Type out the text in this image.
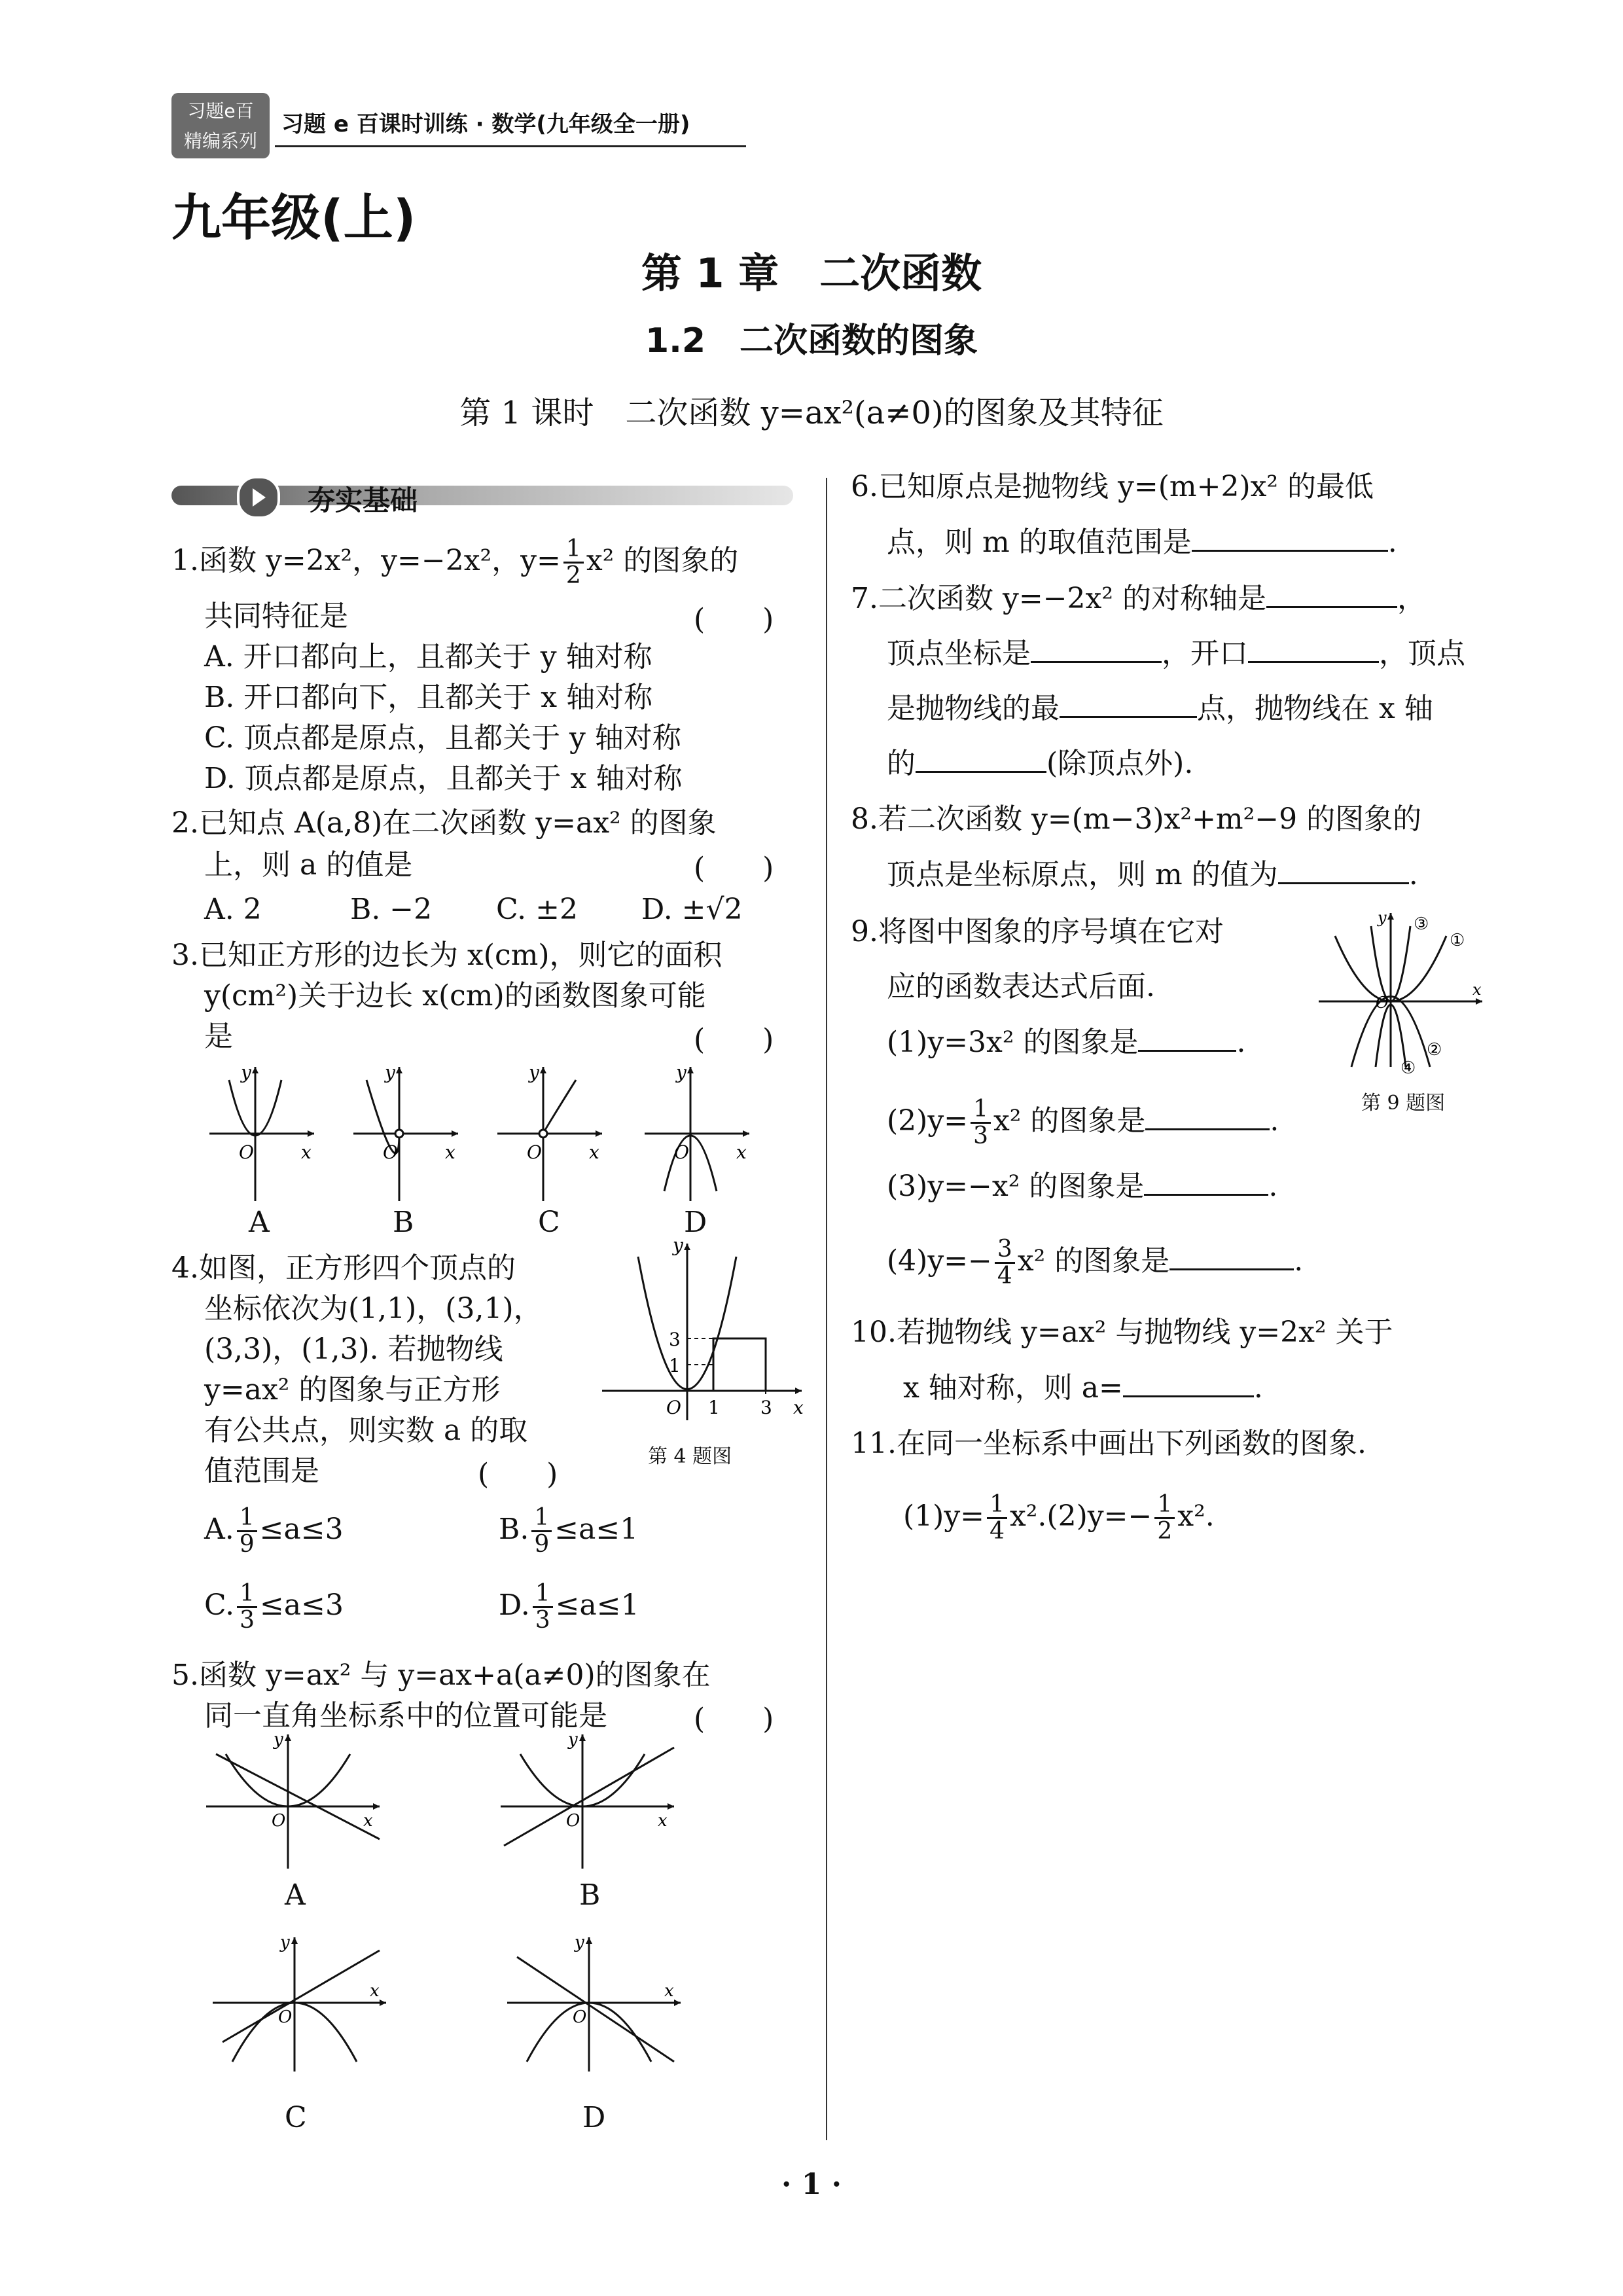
习题e百
精编系列
习题 e 百课时训练 · 数学(九年级全一册)
九年级(上)
第 1 章　二次函数
1.2　二次函数的图象
第 1 课时　二次函数 y=ax²(a≠0)的图象及其特征
夯实基础
1.函数 y=2x²，y=−2x²，$y= \frac{1}{2} x^2$ 的图象的
共同特征是	(　　)
A. 开口都向上，且都关于 y 轴对称
B. 开口都向下，且都关于 x 轴对称
C. 顶点都是原点，且都关于 y 轴对称
D. 顶点都是原点，且都关于 x 轴对称
2.已知点 A(a,8)在二次函数 y=ax² 的图象
上，则 a 的值是	(　　)
A. 2	B. −2 C. ±2 D. ±√2
3.已知正方形的边长为 x(cm)，则它的面积
y(cm²)关于边长 x(cm)的函数图象可能
是	(　　)
O	x
y
O	x
y
O	x
y
O	x
y
A	B	C	D
4.如图，正方形四个顶点的
坐标依次为(1,1)，(3,1)，
(3,3)，(1,3). 若抛物线
y=ax² 的图象与正方形
有公共点，则实数 a 的取
值范围是	(　　)
O 1 3
1
3
x
y
第 4 题图
A. $\frac{1}{9} \le a\le 3$	B. $\frac{1}{9} \le a\le 1$
C. $\frac{1}{3} \le a\le 3$	D. $\frac{1}{3} \le a\le 1$
5.函数 y=ax² 与 y=ax+a(a≠0)的图象在
同一直角坐标系中的位置可能是	(　　)
O	x
y
O	x
y
A	B
O
x
y
O
x
y
C	D
6.已知原点是抛物线 y=(m+2)x² 的最低
点，则 m 的取值范围是	.
7.二次函数 y=−2x² 的对称轴是	，
顶点坐标是	，开口	，顶点
是抛物线的最	点，抛物线在 x 轴
的	(除顶点外).
8.若二次函数 y=(m−3)x²+m²−9 的图象的
顶点是坐标原点，则 m 的值为	.
9.将图中图象的序号填在它对
应的函数表达式后面.
(1)y=3x² 的图象是	.
$(2)y= \frac{1}{3} x^2$ 的图象是	.
(3)y=−x² 的图象是	.
$(4)y=- \frac{3}{4} x^2$ 的图象是	.
③
①
④
②
O
x
y
第 9 题图
10.若抛物线 y=ax² 与抛物线 y=2x² 关于
x 轴对称，则 a=	.
11.在同一坐标系中画出下列函数的图象.
$(1)y= \frac{1}{4} x^2.(2)y=- \frac{1}{2} x^2$.
· 1 ·
